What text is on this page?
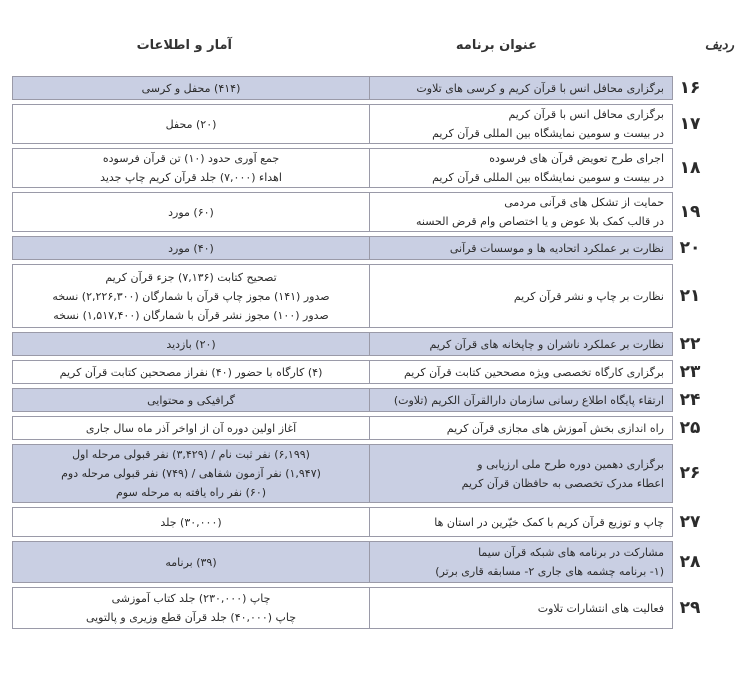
ردیف
عنوان برنامه
آمار و اطلاعات
۱۶	برگزاری محافل انس با قرآن کریم و کرسی های تلاوت	(۴۱۴) محفل و کرسی

۱۷	برگزاری محافل انس با قرآن کریم
در بیست و سومین نمایشگاه بین المللی قرآن کریم	(۲۰) محفل

۱۸	اجرای طرح تعویض قرآن های فرسوده
در بیست و سومین نمایشگاه بین المللی قرآن کریم	جمع آوری حدود (۱۰) تن قرآن فرسوده
اهداء (۷,۰۰۰) جلد قرآن کریم چاپ جدید

۱۹	حمایت از تشکل های قرآنی مردمی
در قالب کمک بلا عوض و یا اختصاص وام قرض الحسنه	(۶۰) مورد

۲۰	نظارت بر عملکرد اتحادیه ها و موسسات قرآنی	(۴۰) مورد

۲۱	نظارت بر چاپ و نشر قرآن کریم	تصحیح کتابت (۷,۱۳۶) جزء قرآن کریم
صدور (۱۴۱) مجوز چاپ قرآن با شمارگان (۲,۲۲۶,۳۰۰) نسخه
صدور (۱۰۰) مجوز نشر قرآن با شمارگان (۱,۵۱۷,۴۰۰) نسخه

۲۲	نظارت بر عملکرد ناشران و چاپخانه های قرآن کریم	(۲۰) بازدید

۲۳	برگزاری کارگاه تخصصی ویژه مصححین کتابت قرآن کریم	(۴) کارگاه با حضور (۴۰) نفراز مصححین کتابت قرآن کریم

۲۴	ارتقاء پایگاه اطلاع رسانی سازمان دارالقرآن الکریم (تلاوت)	گرافیکی و محتوایی

۲۵	راه اندازی بخش آموزش های مجازی قرآن کریم	آغاز اولین دوره آن از اواخر آذر ماه سال جاری

۲۶	برگزاری دهمین دوره طرح ملی ارزیابی و
اعطاء مدرک تخصصی به حافظان قرآن کریم	(۶,۱۹۹) نفر ثبت نام / (۳,۴۲۹) نفر قبولی مرحله اول
(۱,۹۴۷) نفر آزمون شفاهی / (۷۴۹) نفر قبولی مرحله دوم
(۶۰) نفر راه یافته به مرحله سوم

۲۷	چاپ و توزیع قرآن کریم با کمک خیّرین در استان ها	(۳۰,۰۰۰) جلد

۲۸	مشارکت در برنامه های شبکه قرآن سیما
(۱- برنامه چشمه های جاری ۲- مسابقه قاری برتر)	(۳۹) برنامه

۲۹	فعالیت های انتشارات تلاوت	چاپ (۲۳۰,۰۰۰) جلد کتاب آموزشی
چاپ (۴۰,۰۰۰) جلد قرآن قطع وزیری و پالتویی
